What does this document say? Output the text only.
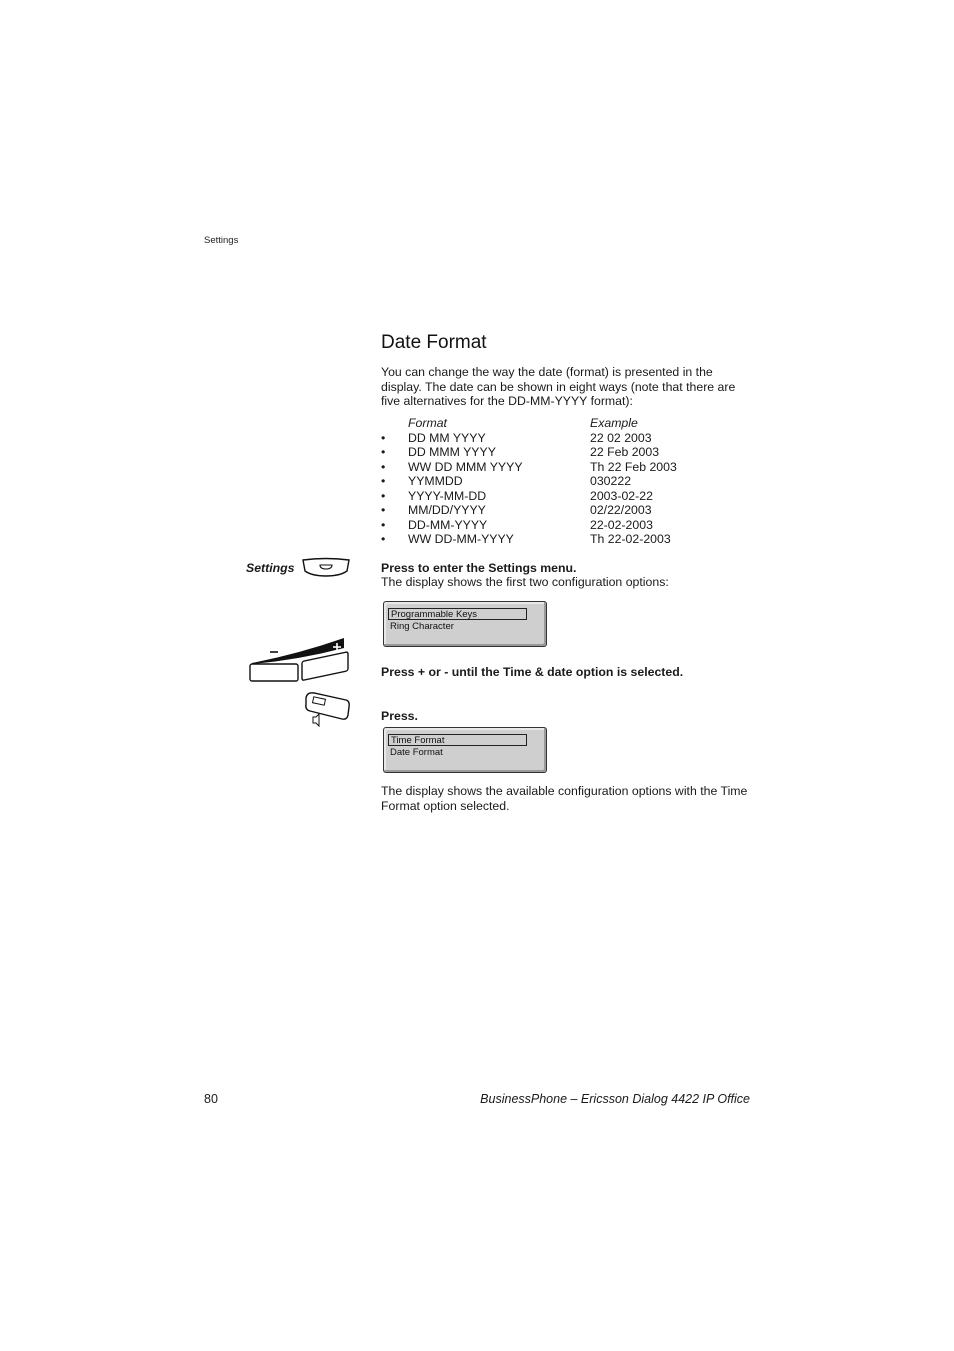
Settings
Date Format
You can change the way the date (format) is presented in the display. The date can be shown in eight ways (note that there are five alternatives for the DD-MM-YYYY format):
Format	Example
•	DD MM YYYY	22 02 2003
•	DD MMM YYYY	22 Feb 2003
•	WW DD MMM YYYY	Th 22 Feb 2003
•	YYMMDD	030222
•	YYYY-MM-DD	2003-02-22
•	MM/DD/YYYY	02/22/2003
•	DD-MM-YYYY	22-02-2003
•	WW DD-MM-YYYY	Th 22-02-2003
Settings	Press to enter the Settings menu.
The display shows the first two configuration options:
Programmable Keys
Ring Character
Press + or - until the Time & date option is selected.
Press.
Time Format
Date Format
The display shows the available configuration options with the Time Format option selected.
80	BusinessPhone – Ericsson Dialog 4422 IP Office
